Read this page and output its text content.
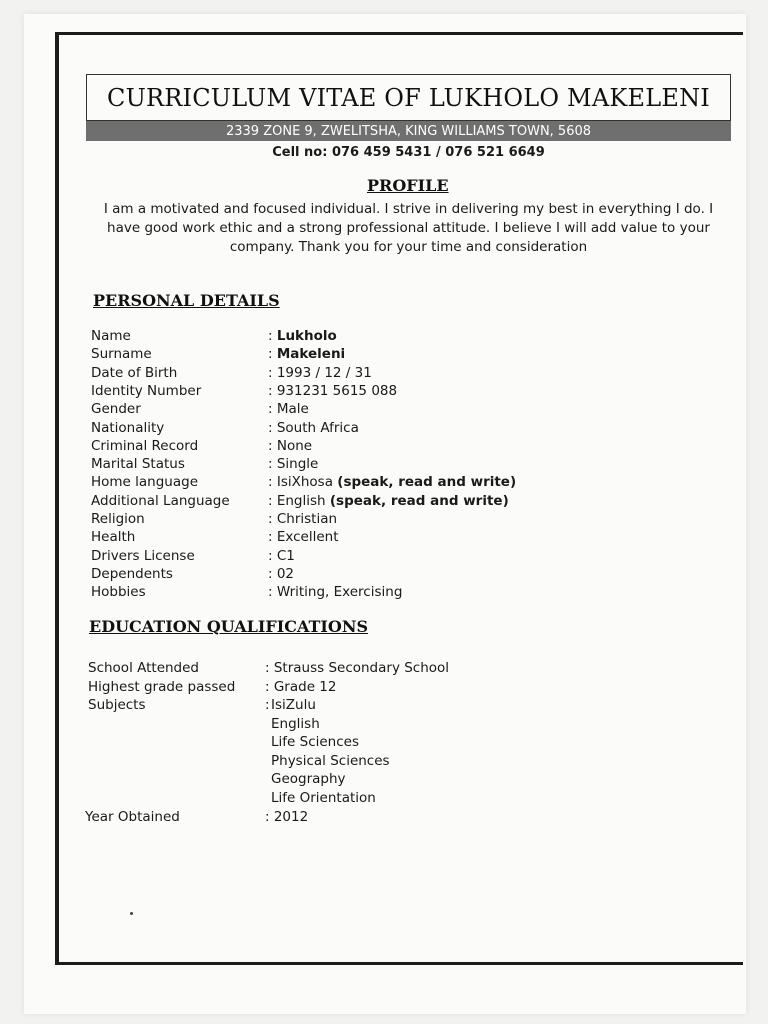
CURRICULUM VITAE OF LUKHOLO MAKELENI
2339 ZONE 9, ZWELITSHA, KING WILLIAMS TOWN, 5608
Cell no: 076 459 5431 / 076 521 6649
PROFILE
I am a motivated and focused individual. I strive in delivering my best in everything I do. I have good work ethic and a strong professional attitude. I believe I will add value to your company. Thank you for your time and consideration
PERSONAL DETAILS
Name	: Lukholo
Surname	: Makeleni
Date of Birth	: 1993 / 12 / 31
Identity Number	: 931231 5615 088
Gender	: Male
Nationality	: South Africa
Criminal Record	: None
Marital Status	: Single
Home language	: IsiXhosa (speak, read and write)
Additional Language	: English (speak, read and write)
Religion	: Christian
Health	: Excellent
Drivers License	: C1
Dependents	: 02
Hobbies	: Writing, Exercising
EDUCATION QUALIFICATIONS
School Attended	: Strauss Secondary School
Highest grade passed : Grade 12
Subjects	: IsiZulu
English
Life Sciences
Physical Sciences
Geography
Life Orientation
Year Obtained	: 2012
